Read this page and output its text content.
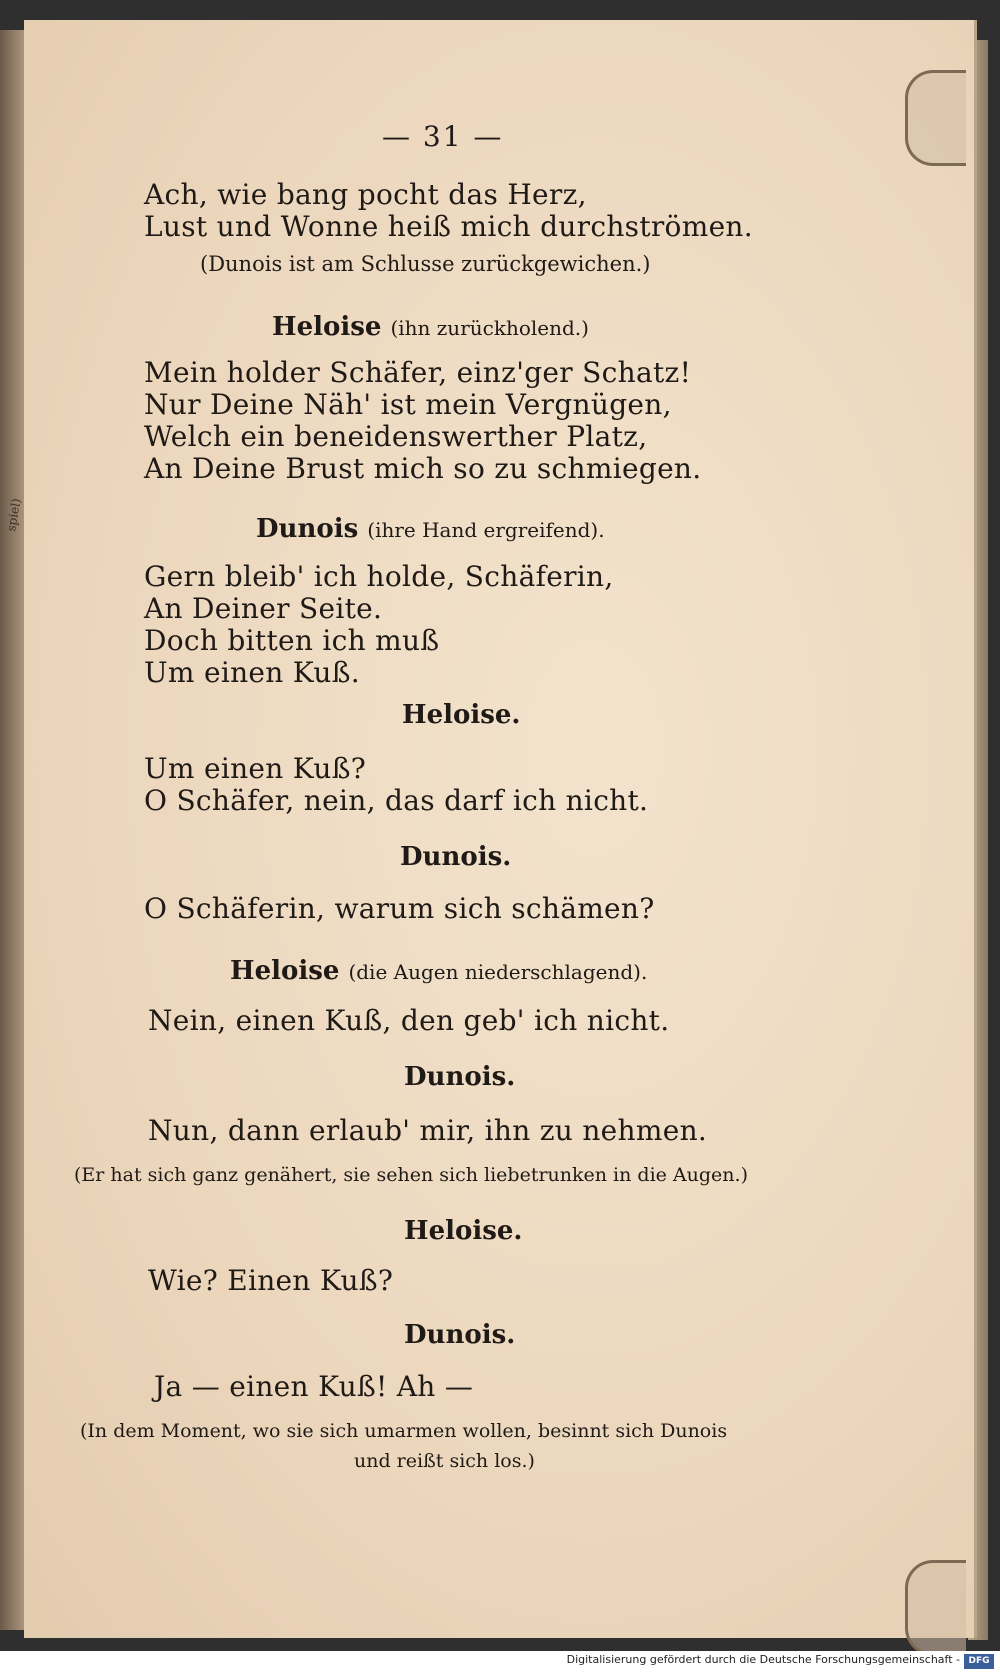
spiel)
— 31 —
Ach, wie bang pocht das Herz,
Lust und Wonne heiß mich durchströmen.
(Dunois ist am Schlusse zurückgewichen.)
Heloise (ihn zurückholend.)
Mein holder Schäfer, einz'ger Schatz!
Nur Deine Näh' ist mein Vergnügen,
Welch ein beneidenswerther Platz,
An Deine Brust mich so zu schmiegen.
Dunois (ihre Hand ergreifend).
Gern bleib' ich holde, Schäferin,
An Deiner Seite.
Doch bitten ich muß
Um einen Kuß.
Heloise.
Um einen Kuß?
O Schäfer, nein, das darf ich nicht.
Dunois.
O Schäferin, warum sich schämen?
Heloise (die Augen niederschlagend).
Nein, einen Kuß, den geb' ich nicht.
Dunois.
Nun, dann erlaub' mir, ihn zu nehmen.
(Er hat sich ganz genähert, sie sehen sich liebetrunken in die Augen.)
Heloise.
Wie? Einen Kuß?
Dunois.
Ja — einen Kuß! Ah —
(In dem Moment, wo sie sich umarmen wollen, besinnt sich Dunois
und reißt sich los.)
Digitalisierung gefördert durch die Deutsche Forschungsgemeinschaft - DFG
